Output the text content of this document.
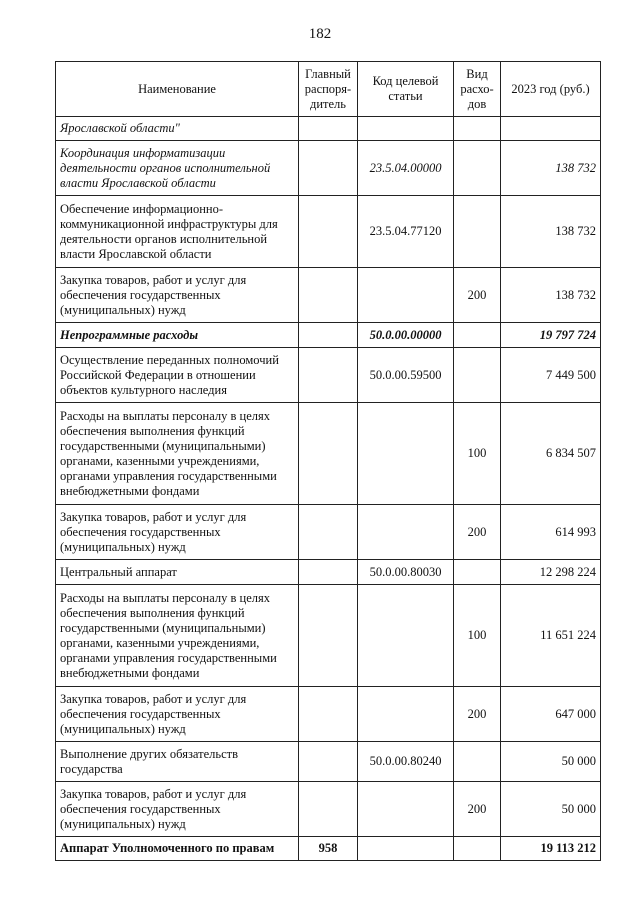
182
Наименование	Главный распоря-дитель	Код целевой статьи	Вид расхо-дов	2023 год (руб.)
Ярославской области"				
Координация информатизации деятельности органов исполнительной власти Ярославской области		23.5.04.00000		138 732
Обеспечение информационно-коммуникационной инфраструктуры для деятельности органов исполнительной власти Ярославской области		23.5.04.77120		138 732
Закупка товаров, работ и услуг для обеспечения государственных (муниципальных) нужд			200	138 732
Непрограммные расходы		50.0.00.00000		19 797 724
Осуществление переданных полномочий Российской Федерации в отношении объектов культурного наследия		50.0.00.59500		7 449 500
Расходы на выплаты персоналу в целях обеспечения выполнения функций государственными (муниципальными) органами, казенными учреждениями, органами управления государственными внебюджетными фондами			100	6 834 507
Закупка товаров, работ и услуг для обеспечения государственных (муниципальных) нужд			200	614 993
Центральный аппарат		50.0.00.80030		12 298 224
Расходы на выплаты персоналу в целях обеспечения выполнения функций государственными (муниципальными) органами, казенными учреждениями, органами управления государственными внебюджетными фондами			100	11 651 224
Закупка товаров, работ и услуг для обеспечения государственных (муниципальных) нужд			200	647 000
Выполнение других обязательств государства		50.0.00.80240		50 000
Закупка товаров, работ и услуг для обеспечения государственных (муниципальных) нужд			200	50 000
Аппарат Уполномоченного по правам	958			19 113 212
